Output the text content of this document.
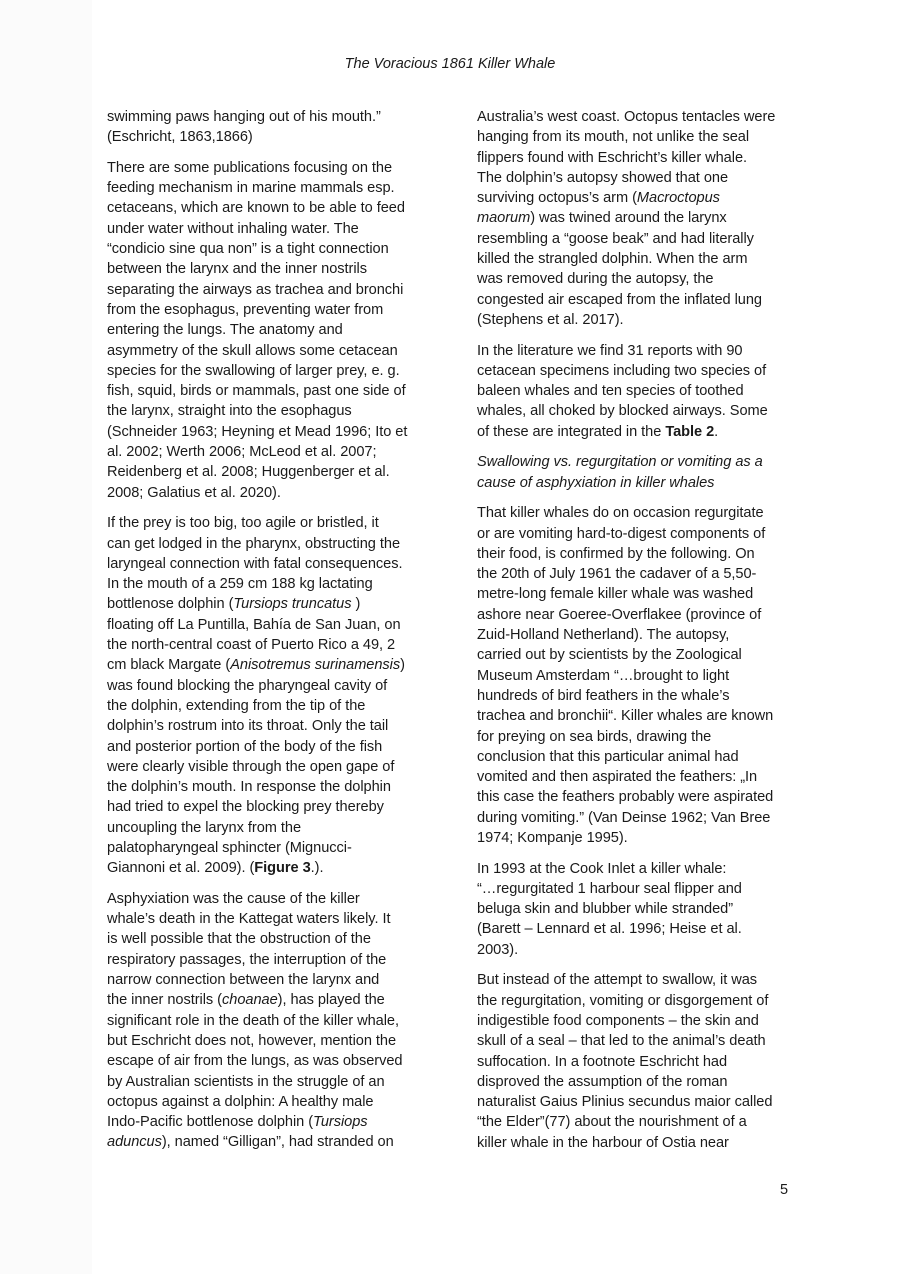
The Voracious 1861 Killer Whale

swimming paws hanging out of his mouth.”
(Eschricht, 1863,1866)

There are some publications focusing on the
feeding mechanism in marine mammals esp.
cetaceans, which are known to be able to feed
under water without inhaling water. The
“condicio sine qua non” is a tight connection
between the larynx and the inner nostrils
separating the airways as trachea and bronchi
from the esophagus, preventing water from
entering the lungs. The anatomy and
asymmetry of the skull allows some cetacean
species for the swallowing of larger prey, e. g.
fish, squid, birds or mammals, past one side of
the larynx, straight into the esophagus
(Schneider 1963; Heyning et Mead 1996; Ito et
al. 2002; Werth 2006; McLeod et al. 2007;
Reidenberg et al. 2008; Huggenberger et al.
2008; Galatius et al. 2020).

If the prey is too big, too agile or bristled, it
can get lodged in the pharynx, obstructing the
laryngeal connection with fatal consequences.
In the mouth of a 259 cm 188 kg lactating
bottlenose dolphin (Tursiops truncatus )
floating off La Puntilla, Bahía de San Juan, on
the north-central coast of Puerto Rico a 49, 2
cm black Margate (Anisotremus surinamensis)
was found blocking the pharyngeal cavity of
the dolphin, extending from the tip of the
dolphin’s rostrum into its throat. Only the tail
and posterior portion of the body of the fish
were clearly visible through the open gape of
the dolphin’s mouth. In response the dolphin
had tried to expel the blocking prey thereby
uncoupling the larynx from the
palatopharyngeal sphincter (Mignucci-
Giannoni et al. 2009). (Figure 3.).

Asphyxiation was the cause of the killer
whale’s death in the Kattegat waters likely. It
is well possible that the obstruction of the
respiratory passages, the interruption of the
narrow connection between the larynx and
the inner nostrils (choanae), has played the
significant role in the death of the killer whale,
but Eschricht does not, however, mention the
escape of air from the lungs, as was observed
by Australian scientists in the struggle of an
octopus against a dolphin: A healthy male
Indo-Pacific bottlenose dolphin (Tursiops
aduncus), named “Gilligan”, had stranded on

Australia’s west coast. Octopus tentacles were
hanging from its mouth, not unlike the seal
flippers found with Eschricht’s killer whale.
The dolphin’s autopsy showed that one
surviving octopus’s arm (Macroctopus
maorum) was twined around the larynx
resembling a “goose beak” and had literally
killed the strangled dolphin. When the arm
was removed during the autopsy, the
congested air escaped from the inflated lung
(Stephens et al. 2017).

In the literature we find 31 reports with 90
cetacean specimens including two species of
baleen whales and ten species of toothed
whales, all choked by blocked airways. Some
of these are integrated in the Table 2.

Swallowing vs. regurgitation or vomiting as a
cause of asphyxiation in killer whales

That killer whales do on occasion regurgitate
or are vomiting hard-to-digest components of
their food, is confirmed by the following. On
the 20th of July 1961 the cadaver of a 5,50-
metre-long female killer whale was washed
ashore near Goeree-Overflakee (province of
Zuid-Holland Netherland). The autopsy,
carried out by scientists by the Zoological
Museum Amsterdam “…brought to light
hundreds of bird feathers in the whale’s
trachea and bronchii“. Killer whales are known
for preying on sea birds, drawing the
conclusion that this particular animal had
vomited and then aspirated the feathers: „In
this case the feathers probably were aspirated
during vomiting.” (Van Deinse 1962; Van Bree
1974; Kompanje 1995).

In 1993 at the Cook Inlet a killer whale:
“…regurgitated 1 harbour seal flipper and
beluga skin and blubber while stranded”
(Barett – Lennard et al. 1996; Heise et al.
2003).

But instead of the attempt to swallow, it was
the regurgitation, vomiting or disgorgement of
indigestible food components – the skin and
skull of a seal – that led to the animal’s death
suffocation. In a footnote Eschricht had
disproved the assumption of the roman
naturalist Gaius Plinius secundus maior called
“the Elder”(77) about the nourishment of a
killer whale in the harbour of Ostia near

5
